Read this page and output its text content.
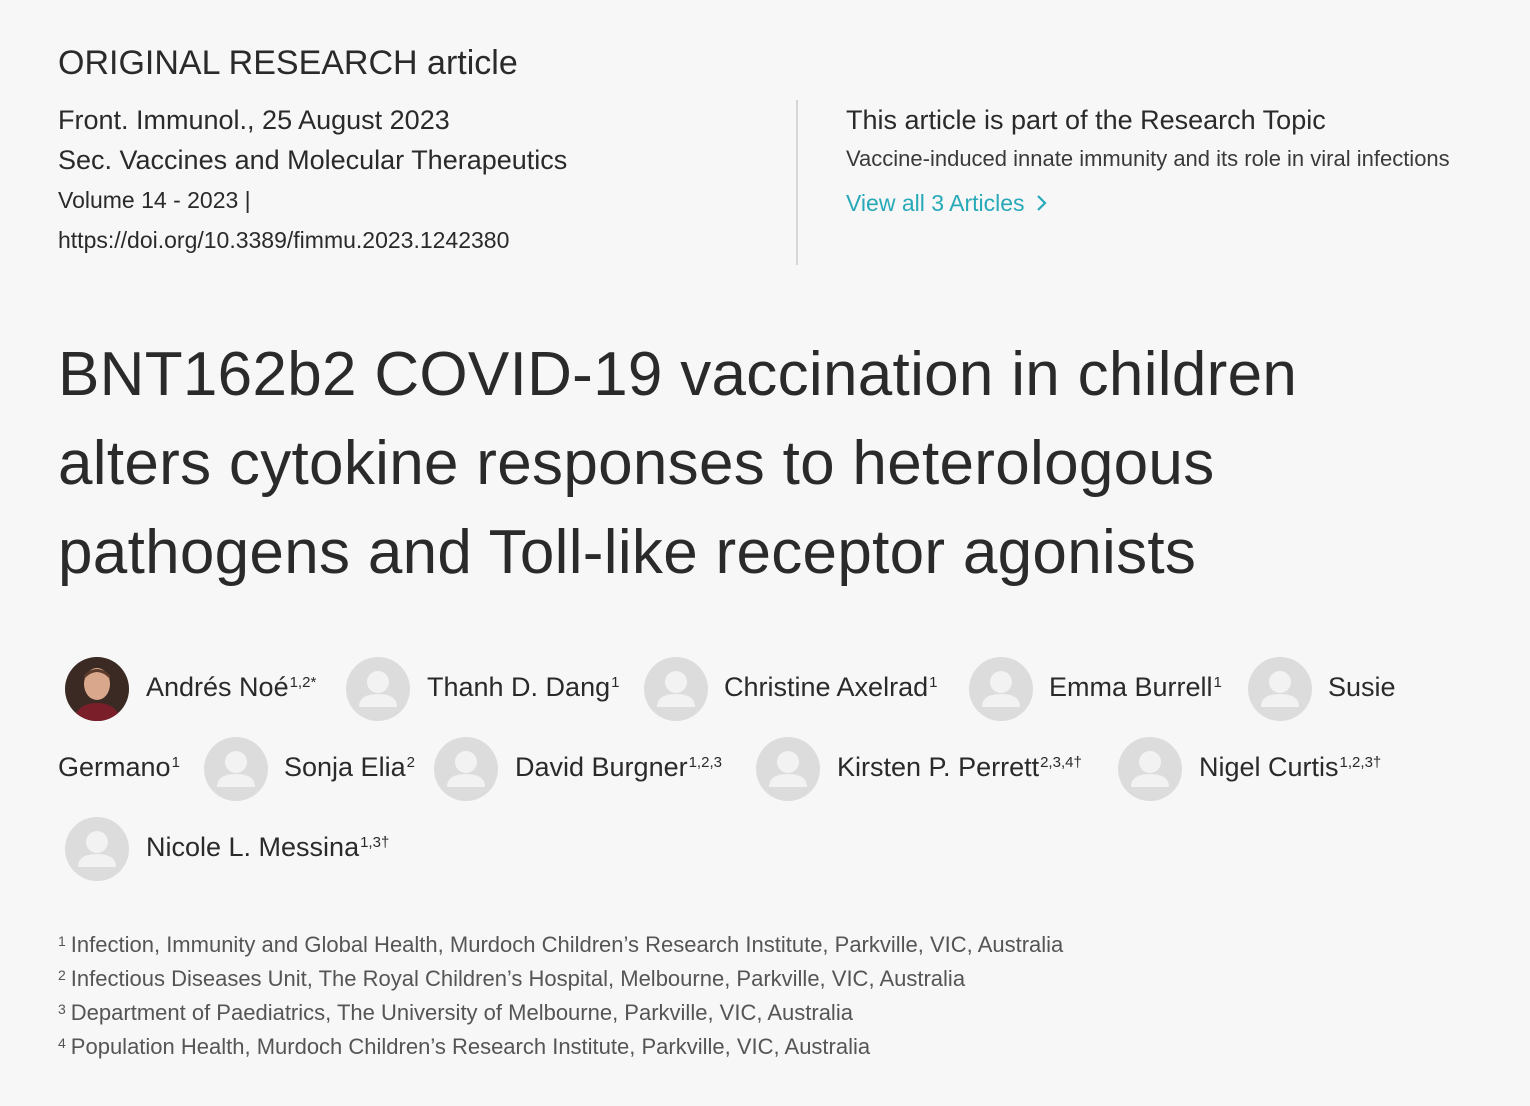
ORIGINAL RESEARCH article
Front. Immunol., 25 August 2023
Sec. Vaccines and Molecular Therapeutics
Volume 14 - 2023 |
https://doi.org/10.3389/fimmu.2023.1242380
This article is part of the Research Topic
Vaccine-induced innate immunity and its role in viral infections
View all 3 Articles
BNT162b2 COVID-19 vaccination in children alters cytokine responses to heterologous pathogens and Toll-like receptor agonists
Andrés Noé$^{1,2*}$	Thanh D. Dang$^1$	Christine Axelrad$^1$	Emma Burrell$^1$	Susie
Germano$^1$	Sonja Elia$^2$	David Burgner$^{1,2,3}$	Kirsten P. Perrett$^{2,3,4\dagger}$	Nigel Curtis$^{1,2,3\dagger}$
Nicole L. Messina$^{1,3\dagger}$
$^1$ Infection, Immunity and Global Health, Murdoch Children’s Research Institute, Parkville, VIC, Australia
$^2$ Infectious Diseases Unit, The Royal Children’s Hospital, Melbourne, Parkville, VIC, Australia
$^3$ Department of Paediatrics, The University of Melbourne, Parkville, VIC, Australia
$^4$ Population Health, Murdoch Children’s Research Institute, Parkville, VIC, Australia
